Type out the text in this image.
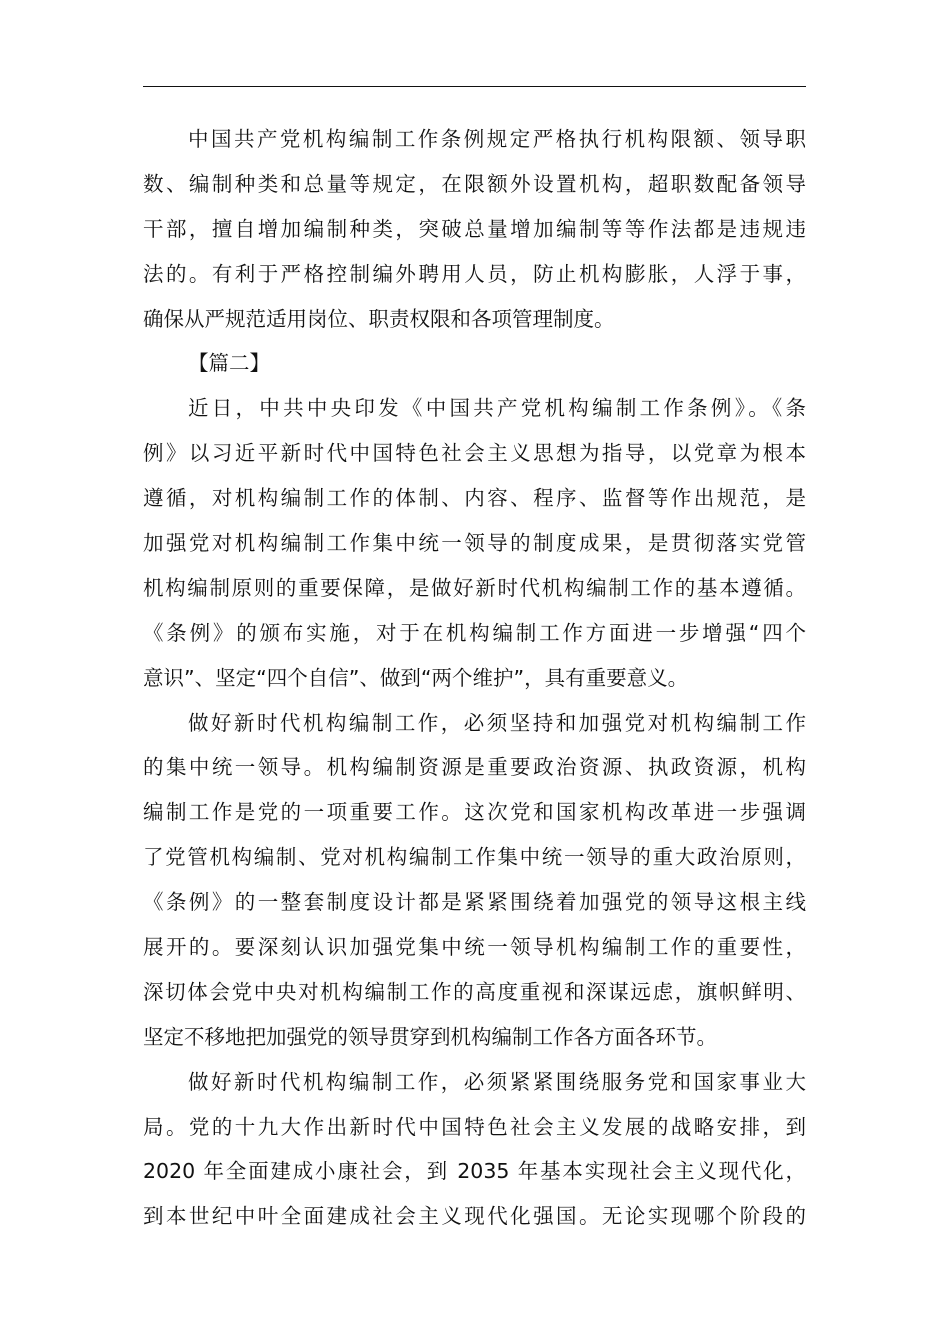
中国共产党机构编制工作条例规定严格执行机构限额、领导职
数、编制种类和总量等规定，在限额外设置机构，超职数配备领导
干部，擅自增加编制种类，突破总量增加编制等等作法都是违规违
法的。有利于严格控制编外聘用人员，防止机构膨胀，人浮于事，
确保从严规范适用岗位、职责权限和各项管理制度。
【篇二】
近日，中共中央印发《中国共产党机构编制工作条例》。《条
例》以习近平新时代中国特色社会主义思想为指导，以党章为根本
遵循，对机构编制工作的体制、内容、程序、监督等作出规范，是
加强党对机构编制工作集中统一领导的制度成果，是贯彻落实党管
机构编制原则的重要保障，是做好新时代机构编制工作的基本遵循。
《条例》的颁布实施，对于在机构编制工作方面进一步增强“四个
意识”、坚定“四个自信”、做到“两个维护”，具有重要意义。
做好新时代机构编制工作，必须坚持和加强党对机构编制工作
的集中统一领导。机构编制资源是重要政治资源、执政资源，机构
编制工作是党的一项重要工作。这次党和国家机构改革进一步强调
了党管机构编制、党对机构编制工作集中统一领导的重大政治原则，
《条例》的一整套制度设计都是紧紧围绕着加强党的领导这根主线
展开的。要深刻认识加强党集中统一领导机构编制工作的重要性，
深切体会党中央对机构编制工作的高度重视和深谋远虑，旗帜鲜明、
坚定不移地把加强党的领导贯穿到机构编制工作各方面各环节。
做好新时代机构编制工作，必须紧紧围绕服务党和国家事业大
局。党的十九大作出新时代中国特色社会主义发展的战略安排，到
2020 年全面建成小康社会，到 2035 年基本实现社会主义现代化，
到本世纪中叶全面建成社会主义现代化强国。无论实现哪个阶段的
